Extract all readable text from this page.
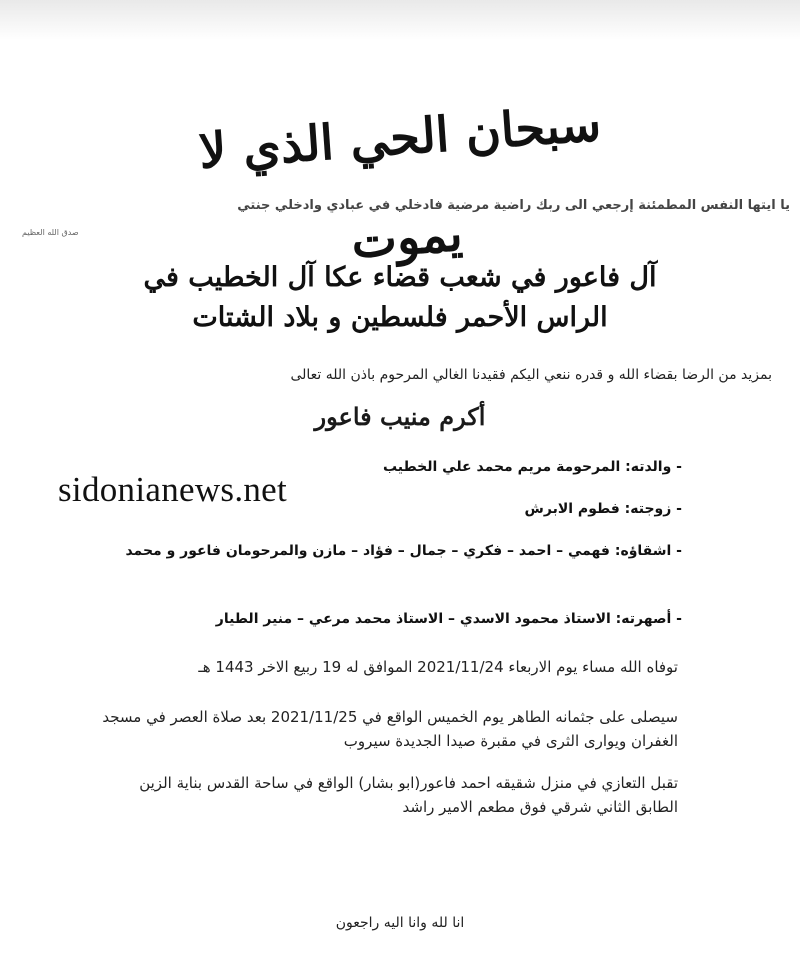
سبحان الحي الذي لا يموت
يا ايتها النفس المطمئنة إرجعي الى ربك راضية مرضية فادخلي في عبادي وادخلي جنتي
صدق الله العظيم
آل فاعور في شعب قضاء عكا آل الخطيب في
الراس الأحمر فلسطين و بلاد الشتات
بمزيد من الرضا بقضاء الله و قدره ننعي اليكم فقيدنا الغالي المرحوم باذن الله تعالى
أكرم منيب فاعور
- والدته: المرحومة مريم محمد علي الخطيب
- زوجته: فطوم الابرش
- اشقاؤه: فهمي – احمد – فكري – جمال – فؤاد – مازن والمرحومان فاعور و محمد
- أصهرته: الاستاذ محمود الاسدي – الاستاذ محمد مرعي – منير الطيار
sidonianews.net
توفاه الله مساء يوم الاربعاء 2021/11/24 الموافق له 19 ربيع الاخر 1443 هـ
سيصلى على جثمانه الطاهر يوم الخميس الواقع في 2021/11/25 بعد صلاة العصر في مسجد الغفران ويوارى الثرى في مقبرة صيدا الجديدة سيروب
تقبل التعازي في منزل شقيقه احمد فاعور(ابو بشار) الواقع في ساحة القدس بناية الزين الطابق الثاني شرقي فوق مطعم الامير راشد
انا لله وانا اليه راجعون
